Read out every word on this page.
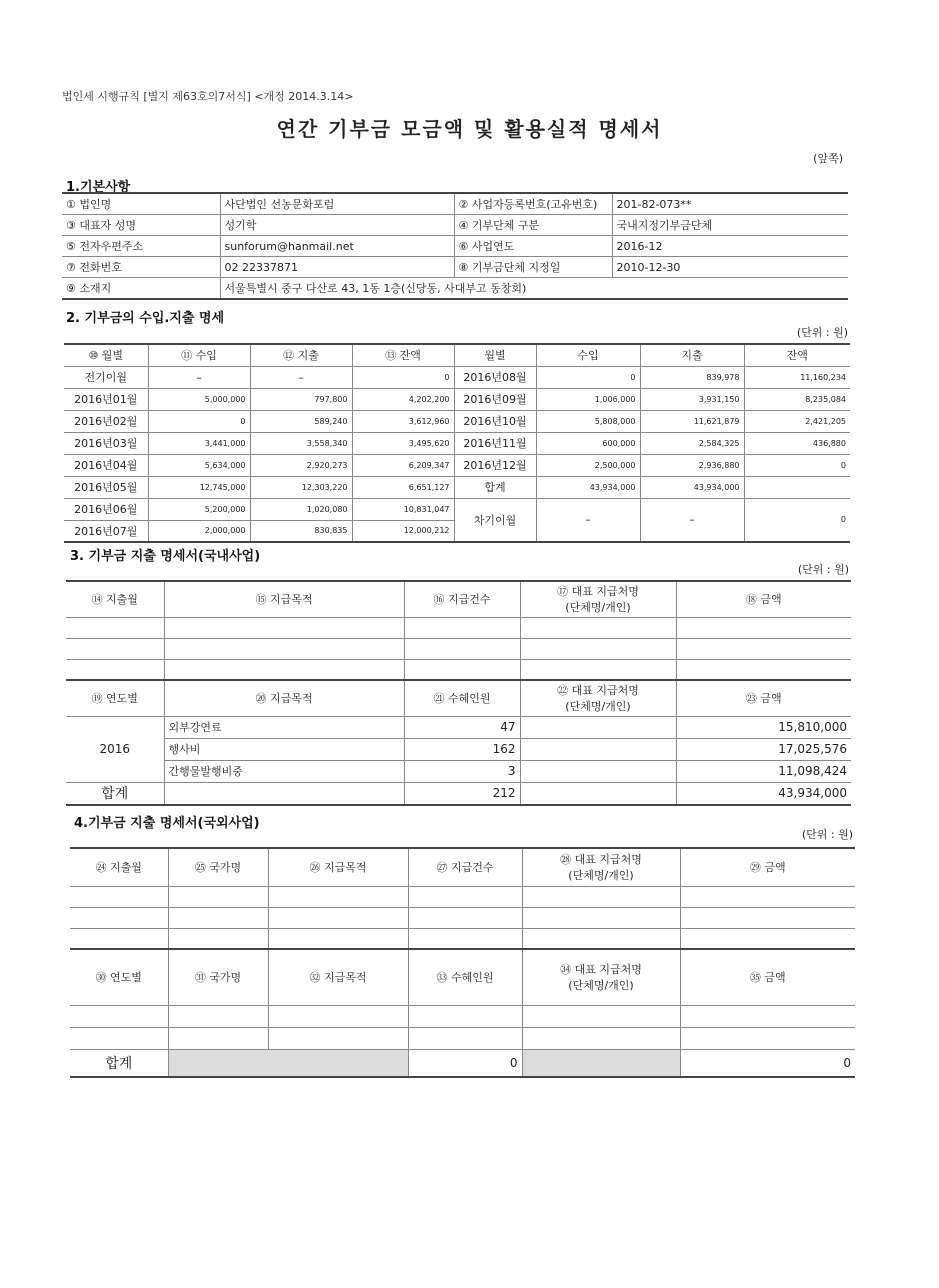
법인세 시행규칙 [별지 제63호의7서식] <개정 2014.3.14>
연간 기부금 모금액 및 활용실적 명세서
(앞쪽)
1.기본사항
① 법인명	사단법인 선농문화포럼	② 사업자등록번호(고유번호)	201-82-073**
③ 대표자 성명	성기학	④ 기부단체 구분	국내지정기부금단체
⑤ 전자우편주소	sunforum@hanmail.net	⑥ 사업연도	2016-12
⑦ 전화번호	02 22337871	⑧ 기부금단체 지정일	2010-12-30
⑨ 소재지	서울특별시 중구 다산로 43, 1동 1층(신당동, 사대부고 동창회)		
2. 기부금의 수입.지출 명세
(단위 : 원)
⑩ 월별	⑪ 수입	⑫ 지출	⑬ 잔액	월별	수입	지출	잔액
전기이월	–	–	0	2016년08월	0	839,978	11,160,234
2016년01월	5,000,000	797,800	4,202,200	2016년09월	1,006,000	3,931,150	8,235,084
2016년02월	0	589,240	3,612,960	2016년10월	5,808,000	11,621,879	2,421,205
2016년03월	3,441,000	3,558,340	3,495,620	2016년11월	600,000	2,584,325	436,880
2016년04월	5,634,000	2,920,273	6,209,347	2016년12월	2,500,000	2,936,880	0
2016년05월	12,745,000	12,303,220	6,651,127	합계	43,934,000	43,934,000	
2016년06월	5,200,000	1,020,080	10,831,047	차기이월	–	–	0
2016년07월	2,000,000	830,835	12,000,212				
3. 기부금 지출 명세서(국내사업)
(단위 : 원)
⑭ 지출월	⑮ 지급목적	⑯ 지급건수	⑰ 대표 지급처명
(단체명/개인)	⑱ 금액

⑲ 연도별	⑳ 지급목적	㉑ 수혜인원	㉒ 대표 지급처명
(단체명/개인)	㉓ 금액
2016	외부강연료	47		15,810,000
	행사비	162		17,025,576
	간행물발행비중	3		11,098,424
합계		212		43,934,000
4.기부금 지출 명세서(국외사업)
(단위 : 원)
㉔ 지출월	㉕ 국가명	㉖ 지급목적	㉗ 지급건수	㉘ 대표 지급처명
(단체명/개인)	㉙ 금액

㉚ 연도별	㉛ 국가명	㉜ 지급목적	㉝ 수혜인원	㉞ 대표 지급처명
(단체명/개인)	㉟ 금액

합계			0		0
